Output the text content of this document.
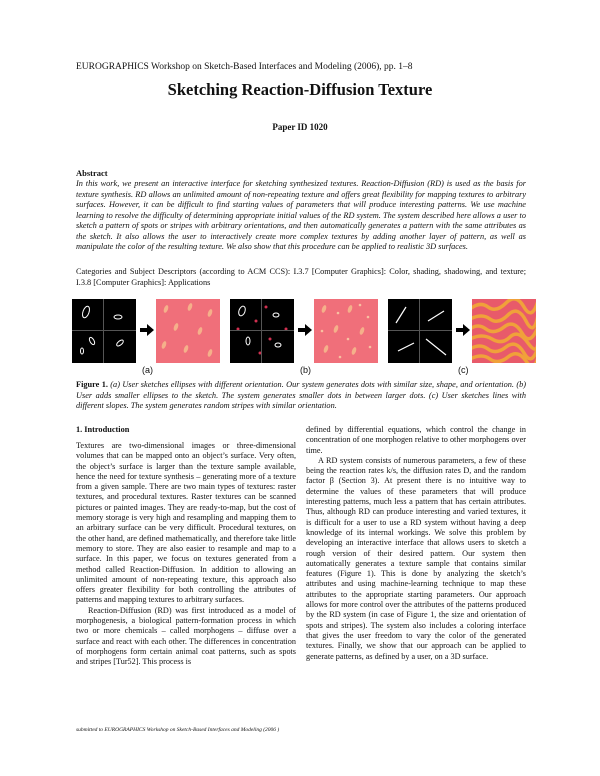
EUROGRAPHICS Workshop on Sketch-Based Interfaces and Modeling (2006), pp. 1–8
Sketching Reaction-Diffusion Texture
Paper ID 1020
Abstract
In this work, we present an interactive interface for sketching synthesized textures. Reaction-Diffusion (RD) is used as the basis for texture synthesis. RD allows an unlimited amount of non-repeating texture and offers great flexibility for mapping textures to arbitrary surfaces. However, it can be difficult to find starting values of parameters that will produce interesting patterns. We use machine learning to resolve the difficulty of determining appropriate initial values of the RD system. The system described here allows a user to sketch a pattern of spots or stripes with arbitrary orientations, and then automatically generates a pattern with the same attributes as the sketch. It also allows the user to interactively create more complex textures by adding another layer of pattern, as well as manipulate the color of the resulting texture. We also show that this procedure can be applied to realistic 3D surfaces.
Categories and Subject Descriptors (according to ACM CCS): I.3.7 [Computer Graphics]: Color, shading, shadowing, and texture; I.3.8 [Computer Graphics]: Applications
(a)	(b)	(c)
Figure 1. (a) User sketches ellipses with different orientation. Our system generates dots with similar size, shape, and orientation. (b) User adds smaller ellipses to the sketch. The system generates smaller dots in between larger dots. (c) User sketches lines with different slopes. The system generates random stripes with similar orientation.
1. Introduction

Textures are two-dimensional images or three-dimensional volumes that can be mapped onto an object’s surface. Very often, the object’s surface is larger than the texture sample available, hence the need for texture synthesis – generating more of a texture from a given sample. There are two main types of textures: raster textures, and procedural textures. Raster textures can be scanned pictures or painted images. They are ready-to-map, but the cost of memory storage is very high and resampling and mapping them to an arbitrary surface can be very difficult. Procedural textures, on the other hand, are defined mathematically, and therefore take little memory to store. They are also easier to resample and map to a surface. In this paper, we focus on textures generated from a method called Reaction-Diffusion. In addition to allowing an unlimited amount of non-repeating texture, this approach also offers greater flexibility for both controlling the attributes of patterns and mapping textures to arbitrary surfaces.

Reaction-Diffusion (RD) was first introduced as a model of morphogenesis, a biological pattern-formation process in which two or more chemicals – called morphogens – diffuse over a surface and react with each other. The differences in concentration of morphogens form certain animal coat patterns, such as spots and stripes [Tur52]. This process is

defined by differential equations, which control the change in concentration of one morphogen relative to other morphogens over time.

A RD system consists of numerous parameters, a few of these being the reaction rates k/s, the diffusion rates D, and the random factor β (Section 3). At present there is no intuitive way to determine the values of these parameters that will produce interesting patterns, much less a pattern that has certain attributes. Thus, although RD can produce interesting and varied textures, it is difficult for a user to use a RD system without having a deep knowledge of its internal workings. We solve this problem by developing an interactive interface that allows users to sketch a rough version of their desired pattern. Our system then automatically generates a texture sample that contains similar features (Figure 1). This is done by analyzing the sketch’s attributes and using machine-learning technique to map these attributes to the appropriate starting parameters. Our approach allows for more control over the attributes of the patterns produced by the RD system (in case of Figure 1, the size and orientation of spots and stripes). The system also includes a coloring interface that gives the user freedom to vary the color of the generated textures. Finally, we show that our approach can be applied to generate patterns, as defined by a user, on a 3D surface.

submitted to EUROGRAPHICS Workshop on Sketch-Based Interfaces and Modeling (2006 )
